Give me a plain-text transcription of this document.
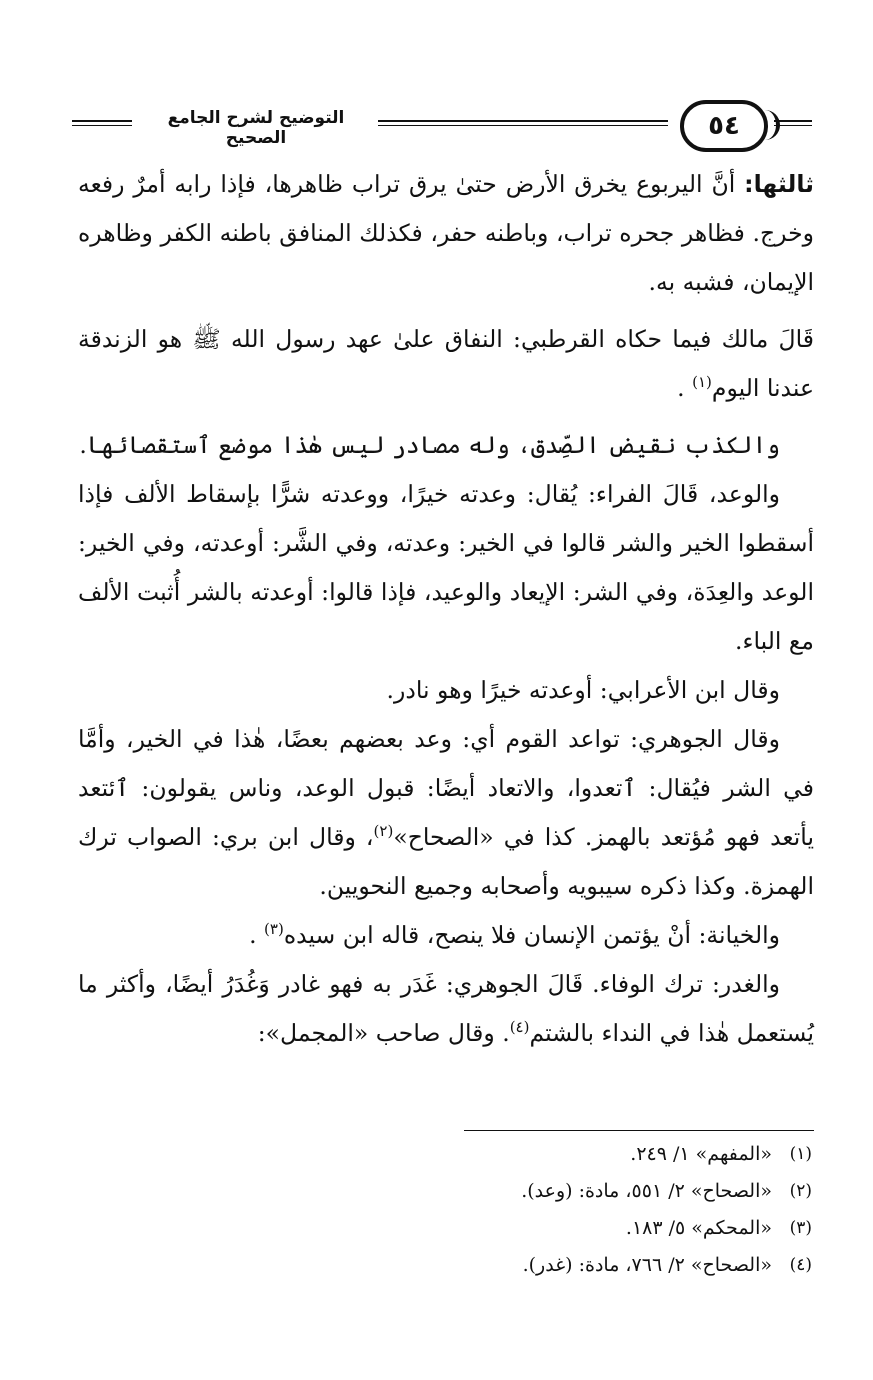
التوضيح لشرح الجامع الصحيح	٥٤

ثالثها: أنَّ اليربوع يخرق الأرض حتىٰ يرق تراب ظاهرها، فإذا رابه أمرٌ رفعه وخرج. فظاهر جحره تراب، وباطنه حفر، فكذلك المنافق باطنه الكفر وظاهره الإيمان، فشبه به.

قَالَ مالك فيما حكاه القرطبي: النفاق علىٰ عهد رسول الله ﷺ هو الزندقة عندنا اليوم$^{(١)}$ .

والكذب نقيض الصِّدق، وله مصادر ليس هٰذا موضع ٱستقصائها.

والوعد، قَالَ الفراء: يُقال: وعدته خيرًا، ووعدته شرًّا بإسقاط الألف فإذا أسقطوا الخير والشر قالوا في الخير: وعدته، وفي الشَّر: أوعدته، وفي الخير: الوعد والعِدَة، وفي الشر: الإيعاد والوعيد، فإذا قالوا: أوعدته بالشر أُثبت الألف مع الباء.

وقال ابن الأعرابي: أوعدته خيرًا وهو نادر.

وقال الجوهري: تواعد القوم أي: وعد بعضهم بعضًا، هٰذا في الخير، وأمَّا في الشر فيُقال: ٱتعدوا، والاتعاد أيضًا: قبول الوعد، وناس يقولون: ٱئتعد يأتعد فهو مُؤتعد بالهمز. كذا في «الصحاح»$^{(٢)}$، وقال ابن بري: الصواب ترك الهمزة. وكذا ذكره سيبويه وأصحابه وجميع النحويين.

والخيانة: أنْ يؤتمن الإنسان فلا ينصح، قاله ابن سيده$^{(٣)}$ .

والغدر: ترك الوفاء. قَالَ الجوهري: غَدَر به فهو غادر وَغُدَرُ أيضًا، وأكثر ما يُستعمل هٰذا في النداء بالشتم$^{(٤)}$. وقال صاحب «المجمل»:

(١)
«المفهم» ١/ ٢٤٩.
(٢)
«الصحاح» ٢/ ٥٥١، مادة: (وعد).
(٣)
«المحكم» ٥/ ١٨٣.
(٤)
«الصحاح» ٢/ ٧٦٦، مادة: (غدر).
